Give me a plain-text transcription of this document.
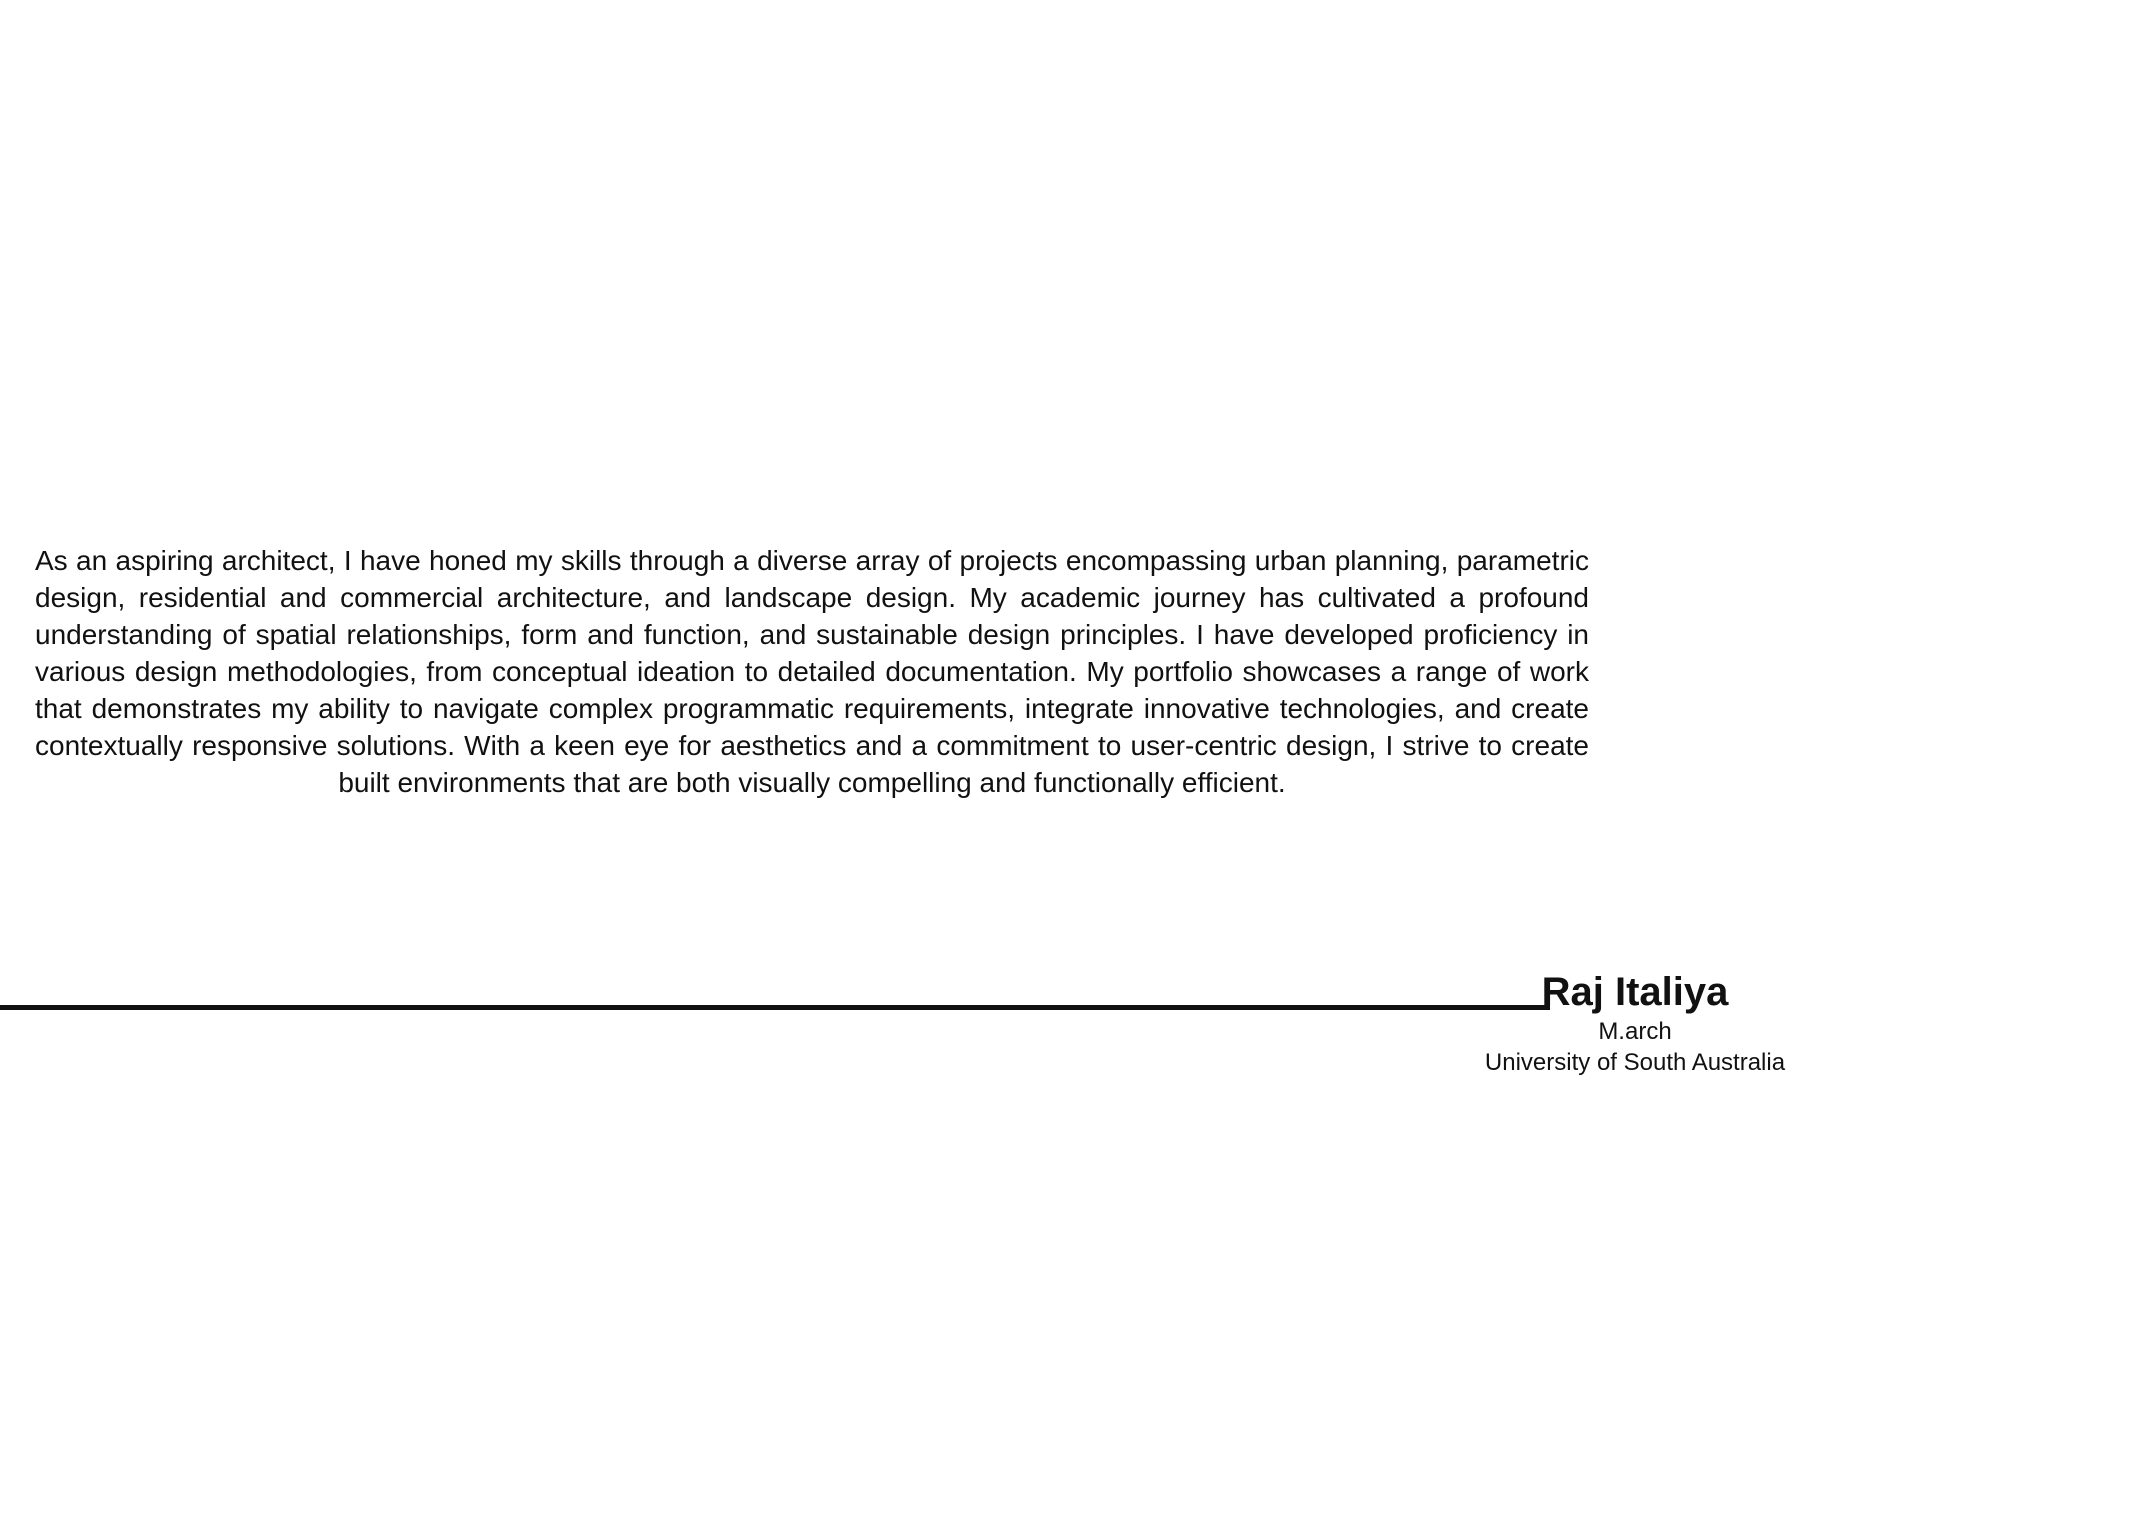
As an aspiring architect, I have honed my skills through a diverse array of projects encompassing urban planning, parametric design, residential and commercial architecture, and landscape design. My academic journey has cultivated a profound understanding of spatial relationships, form and function, and sustainable design principles. I have developed proficiency in various design methodologies, from conceptual ideation to detailed documentation. My portfolio showcases a range of work that demonstrates my ability to navigate complex programmatic requirements, integrate innovative technologies, and create contextually responsive solutions. With a keen eye for aesthetics and a commitment to user-centric design, I strive to create built environments that are both visually compelling and functionally efficient.

Raj Italiya
M.arch
University of South Australia
